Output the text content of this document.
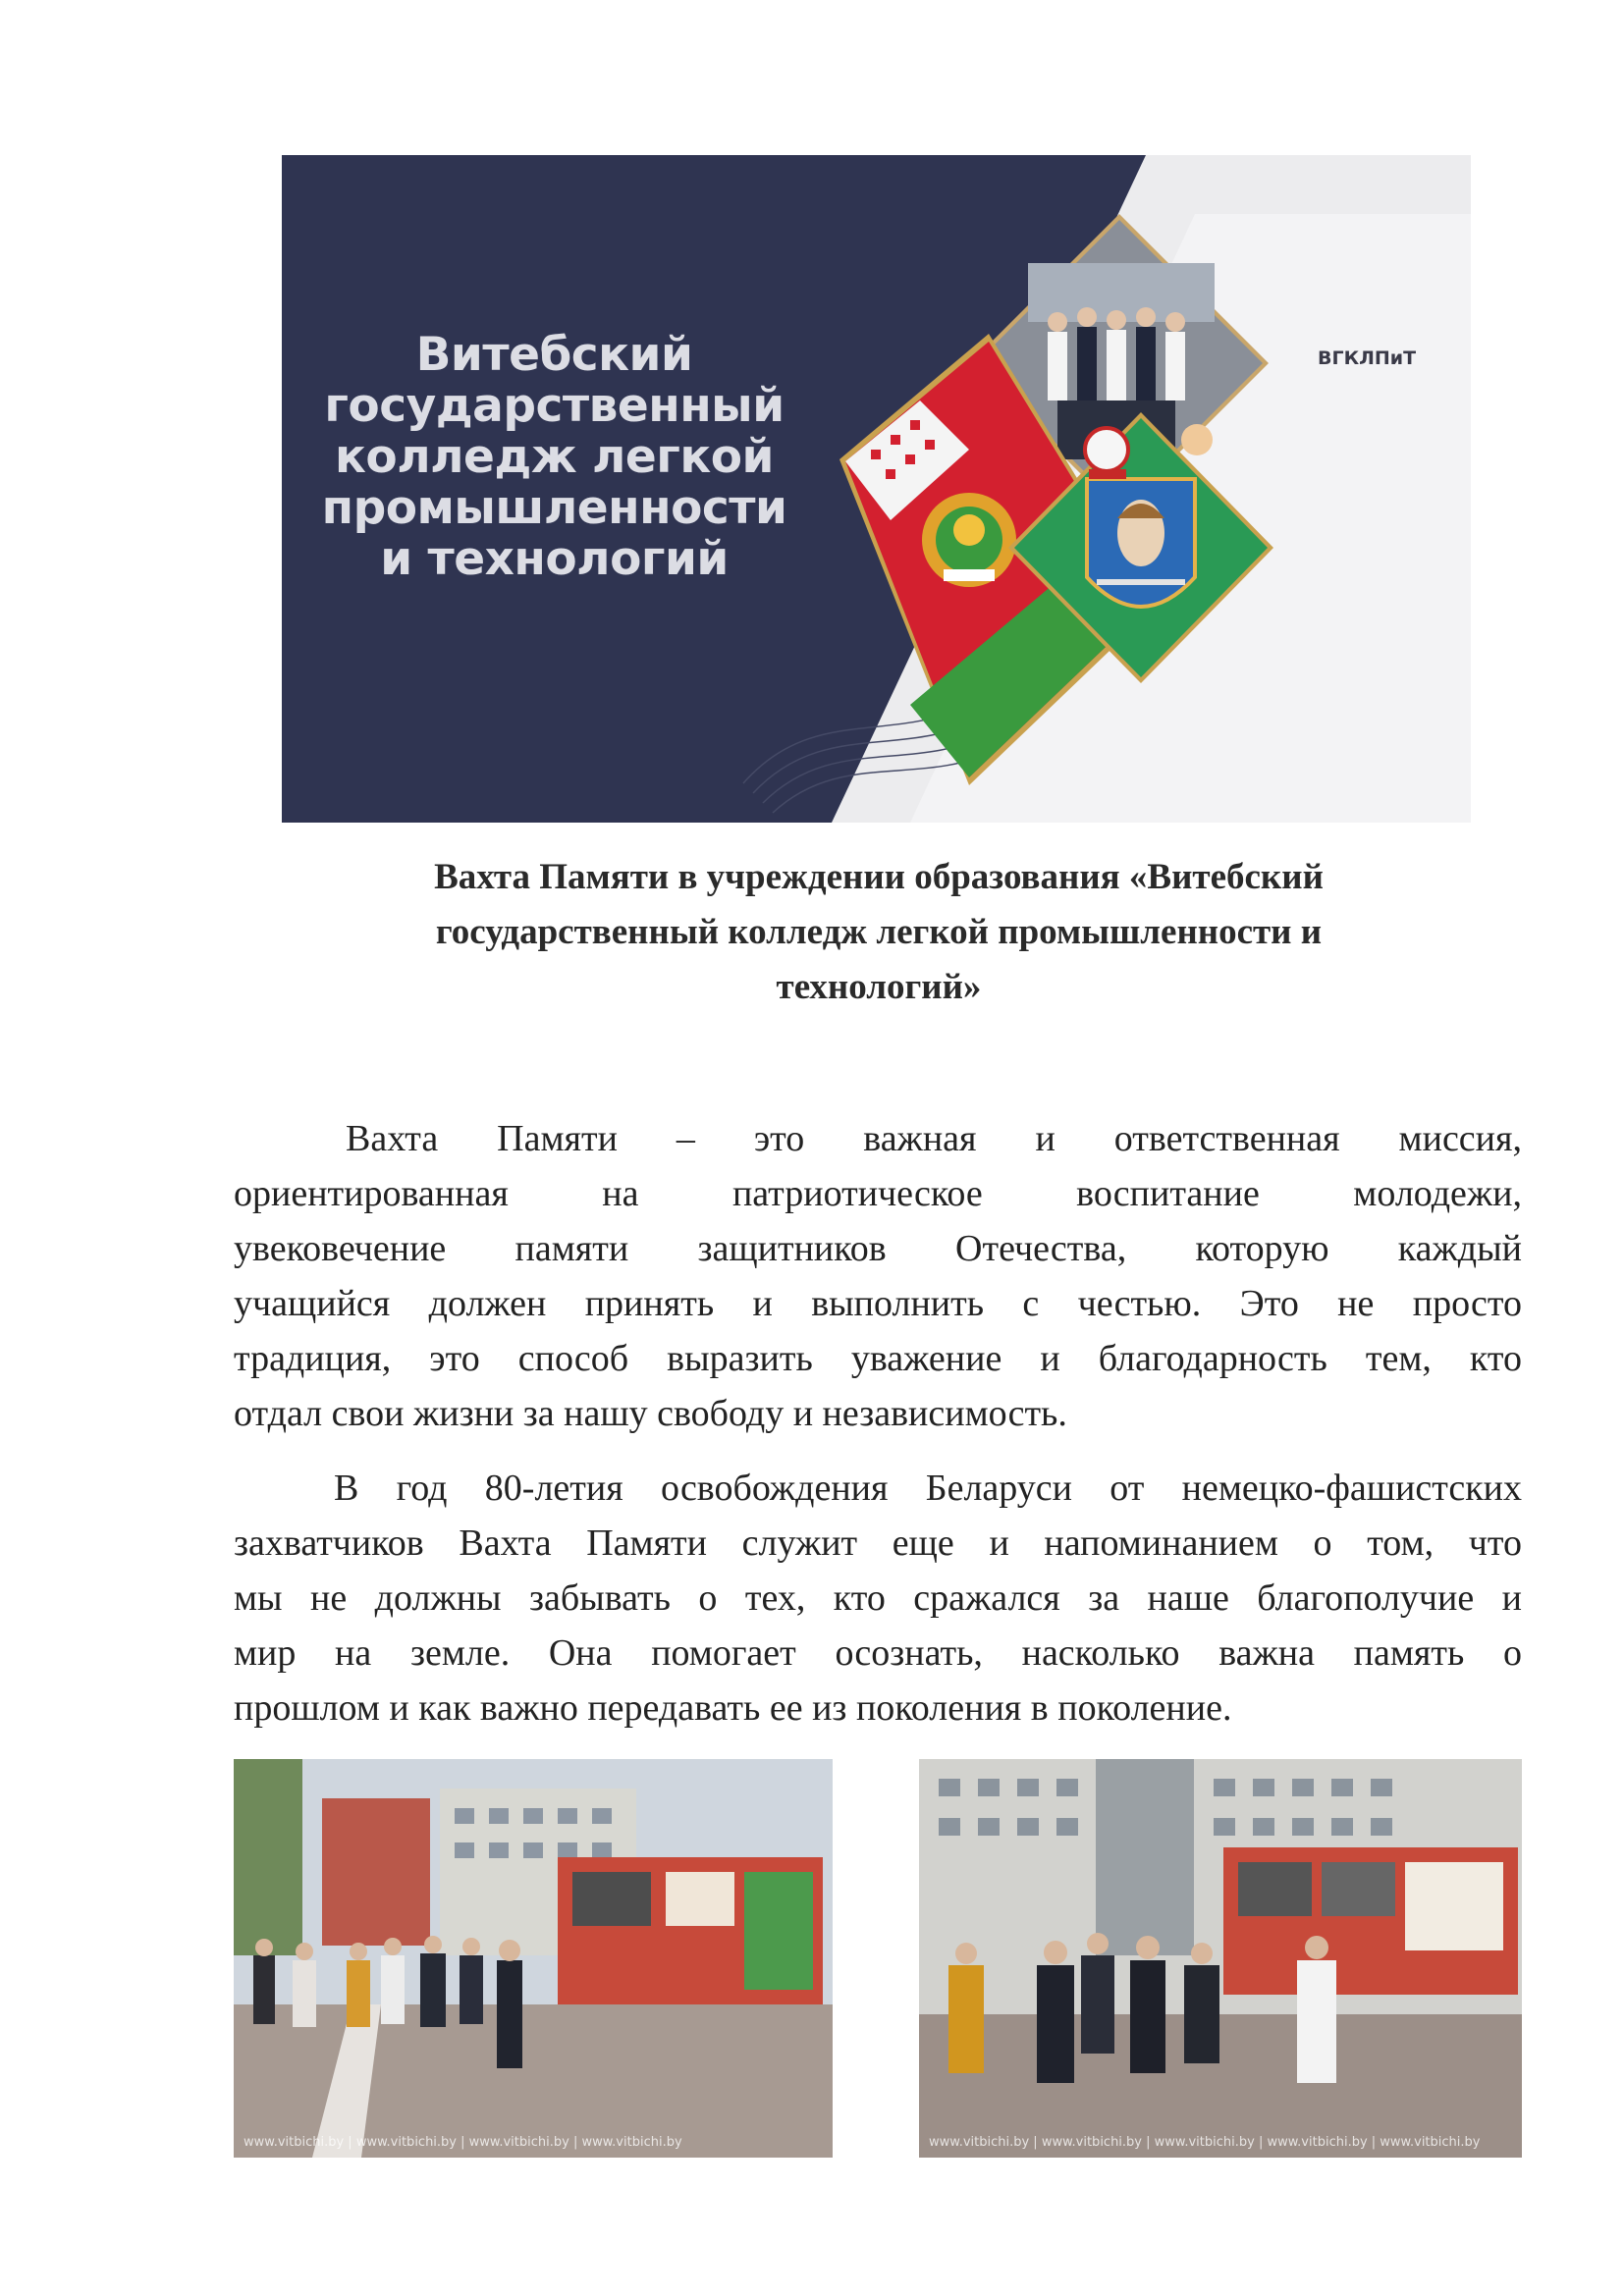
Витебский
государственный
колледж легкой
промышленности
и технологий
ВГКЛПиТ
Вахта Памяти в учреждении образования «Витебский
государственный колледж легкой промышленности и
технологий»
Вахта Памяти – это важная и ответственная миссия,
ориентированная на патриотическое воспитание молодежи,
увековечение памяти защитников Отечества, которую каждый
учащийся должен принять и выполнить с честью. Это не просто
традиция, это способ выразить уважение и благодарность тем, кто
отдал свои жизни за нашу свободу и независимость.
В год 80-летия освобождения Беларуси от немецко-фашистских
захватчиков Вахта Памяти служит еще и напоминанием о том, что
мы не должны забывать о тех, кто сражался за наше благополучие и
мир на земле. Она помогает осознать, насколько важна память о
прошлом и как важно передавать ее из поколения в поколение.
www.vitbichi.by | www.vitbichi.by | www.vitbichi.by | www.vitbichi.by	www.vitbichi.by | www.vitbichi.by | www.vitbichi.by | www.vitbichi.by | www.vitbichi.by
